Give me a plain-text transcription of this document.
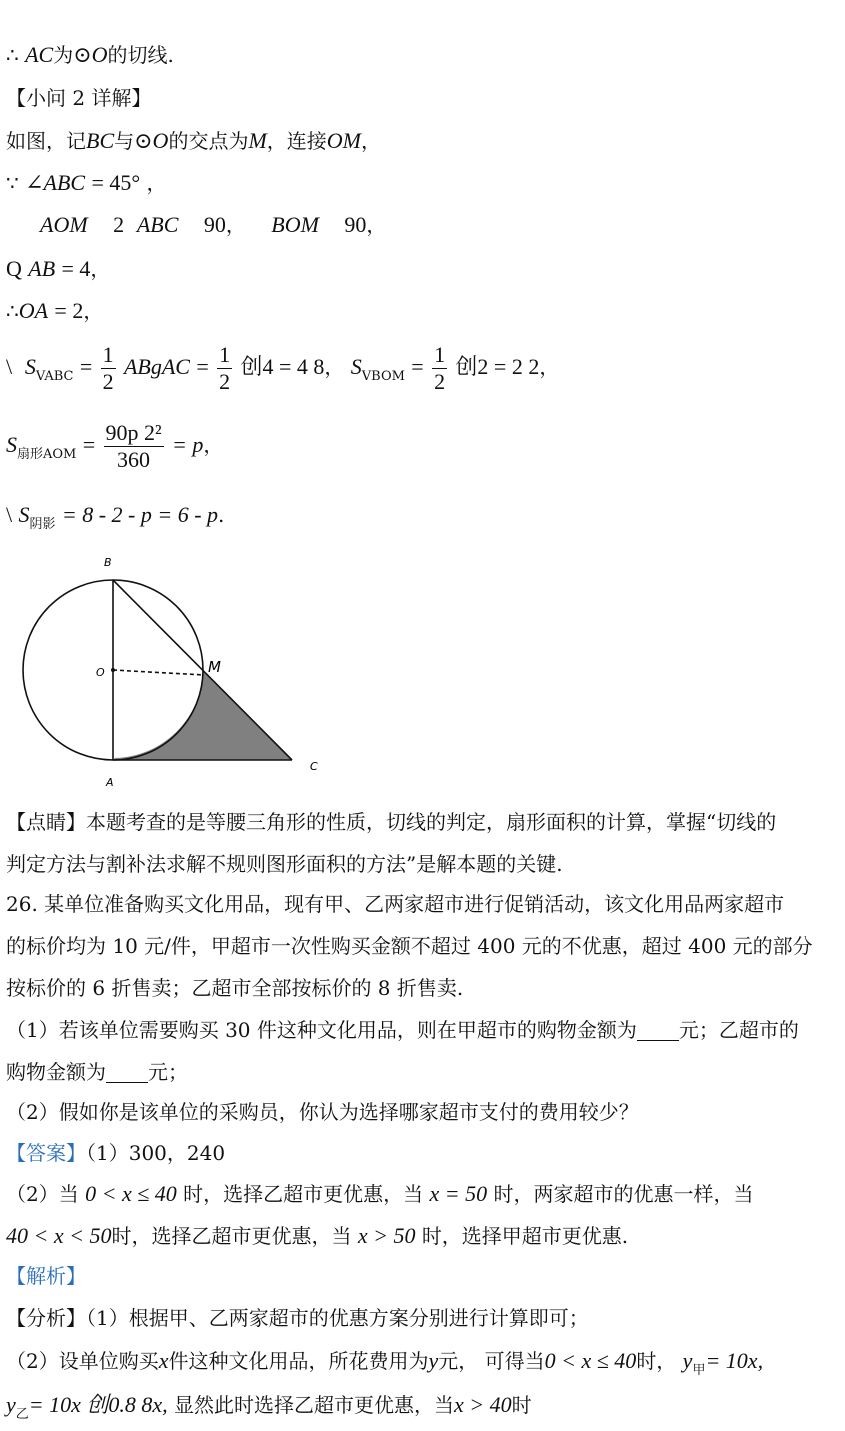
∴ AC为⊙O的切线.
【小问 2 详解】
如图，记BC与⊙O的交点为M，连接OM，
∵ ∠ABC = 45° ，
AOM 2 ABC 90， BOM 90，
Q AB = 4，
∴OA = 2，
\ $S_{VABC} = \frac{1}{2}$ ABgAC = $\frac{1}{2}$ 创4 = 4 8， $S_{VBOM} = \frac{1}{2}$ 创2 = 2 2，
$S_{扇形AOM} = \frac{\text{90p 2²}}{360} = p$，
\ $S_{阴影} = 8 - 2 - p = 6 - p$.
B
O	M
A
C
【点睛】本题考查的是等腰三角形的性质，切线的判定，扇形面积的计算，掌握“切线的
判定方法与割补法求解不规则图形面积的方法”是解本题的关键.
26. 某单位准备购买文化用品，现有甲、乙两家超市进行促销活动，该文化用品两家超市
的标价均为 10 元/件，甲超市一次性购买金额不超过 400 元的不优惠，超过 400 元的部分
按标价的 6 折售卖；乙超市全部按标价的 8 折售卖.
（1）若该单位需要购买 30 件这种文化用品，则在甲超市的购物金额为 元；乙超市的
购物金额为 元；
（2）假如你是该单位的采购员，你认为选择哪家超市支付的费用较少？
【答案】（1）300，240
（2）当 0 < x ≤ 40 时，选择乙超市更优惠，当 x = 50 时，两家超市的优惠一样，当
40 < x < 50时，选择乙超市更优惠，当 x > 50 时，选择甲超市更优惠.
【解析】
【分析】（1）根据甲、乙两家超市的优惠方案分别进行计算即可；
（2）设单位购买x件这种文化用品，所花费用为y元， 可得当0 < x ≤ 40时， $y_甲= 10x$,
$y_乙= 10x$ 创0.8 8x, 显然此时选择乙超市更优惠，当x > 40时
